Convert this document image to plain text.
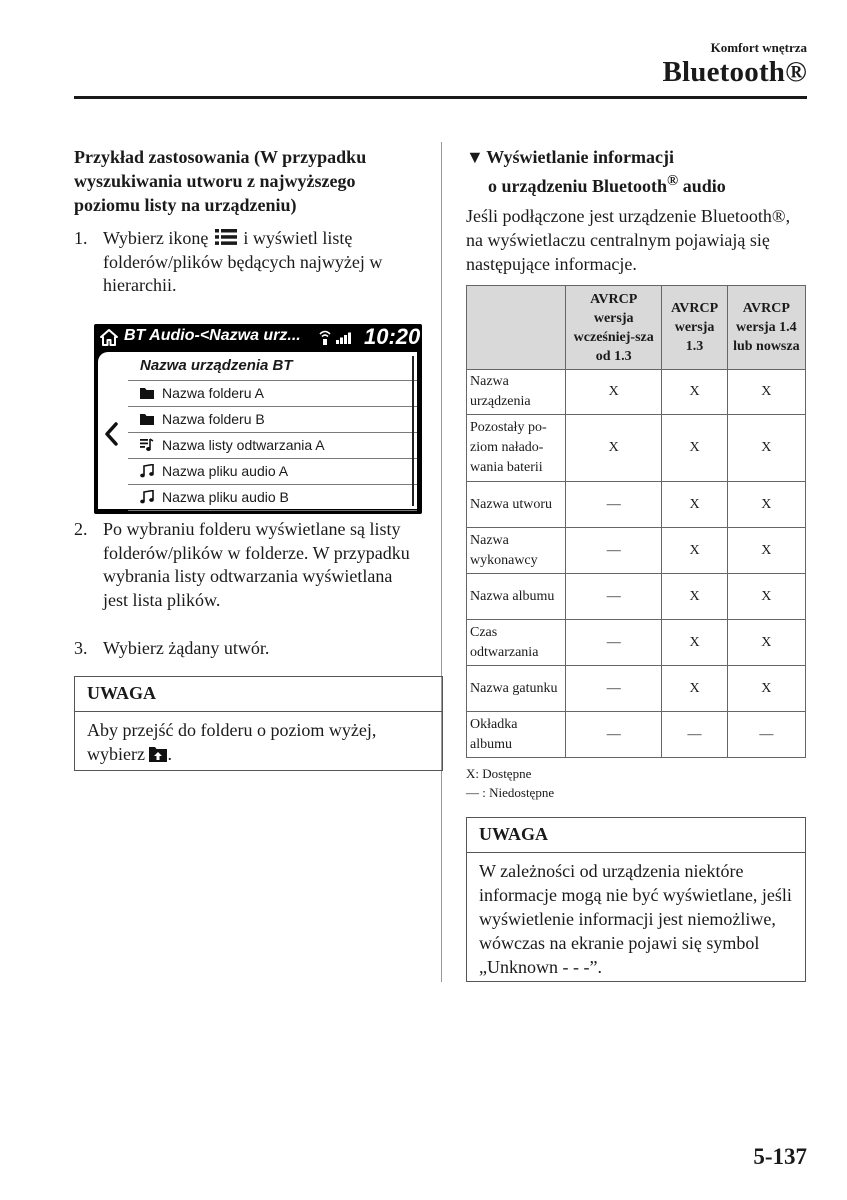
Komfort wnętrza
Bluetooth®
Przykład zastosowania (W przypadku wyszukiwania utworu z najwyższego poziomu listy na urządzeniu)
1. Wybierz ikonę i wyświetl listę folderów/plików będących najwyżej w hierarchii.
BT Audio-<Nazwa urz...	10:20
Nazwa urządzenia BT
Nazwa folderu A
Nazwa folderu B
Nazwa listy odtwarzania A
Nazwa pliku audio A
Nazwa pliku audio B
2. Po wybraniu folderu wyświetlane są listy folderów/plików w folderze. W przypadku wybrania listy odtwarzania wyświetlana jest lista plików.
3. Wybierz żądany utwór.
UWAGA
Aby przejść do folderu o poziom wyżej, wybierz .
▼ Wyświetlanie informacji
o urządzeniu Bluetooth® audio
Jeśli podłączone jest urządzenie Bluetooth®, na wyświetlaczu centralnym pojawiają się następujące informacje.
	AVRCP wersja wcześniej-sza od 1.3	AVRCP wersja 1.3	AVRCP wersja 1.4 lub nowsza
Nazwa urządzenia	X	X	X
Pozostały po-ziom nałado-wania baterii	X	X	X
Nazwa utworu	—	X	X
Nazwa wykonawcy	—	X	X
Nazwa albumu	—	X	X
Czas odtwarzania	—	X	X
Nazwa gatunku	—	X	X
Okładka albumu	—	—	—
X: Dostępne
— : Niedostępne
UWAGA
W zależności od urządzenia niektóre informacje mogą nie być wyświetlane, jeśli wyświetlenie informacji jest niemożliwe, wówczas na ekranie pojawi się symbol „Unknown - - -”.
5-137
